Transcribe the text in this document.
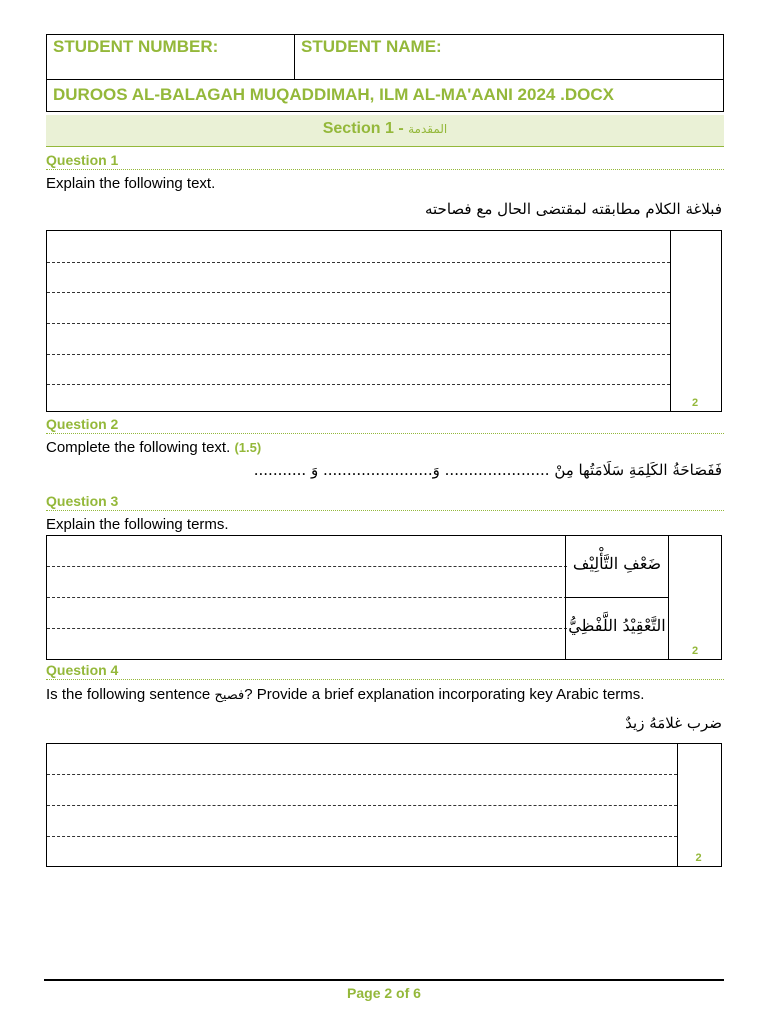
STUDENT NUMBER:	STUDENT NAME:
DUROOS AL-BALAGAH MUQADDIMAH, ILM AL-MA'AANI 2024 .DOCX
Section 1 - المقدمة
Question 1
Explain the following text.
فبلاغة الكلام مطابقته لمقتضى الحال مع فصاحته
2
Question 2
Complete the following text. (1.5)
فَفَصَاحَةُ الكَلِمَةِ سَلَامَتُها مِنْ ...................... وَ....................... وَ ...........
Question 3
Explain the following terms.
ضَعْفِ التَّأْلِيْف
التَّعْقِيْدُ اللَّفْظِيُّ
2
Question 4
Is the following sentence فصيح? Provide a brief explanation incorporating key Arabic terms.
ضرب غلامَهُ زيدٌ
2
Page 2 of 6
